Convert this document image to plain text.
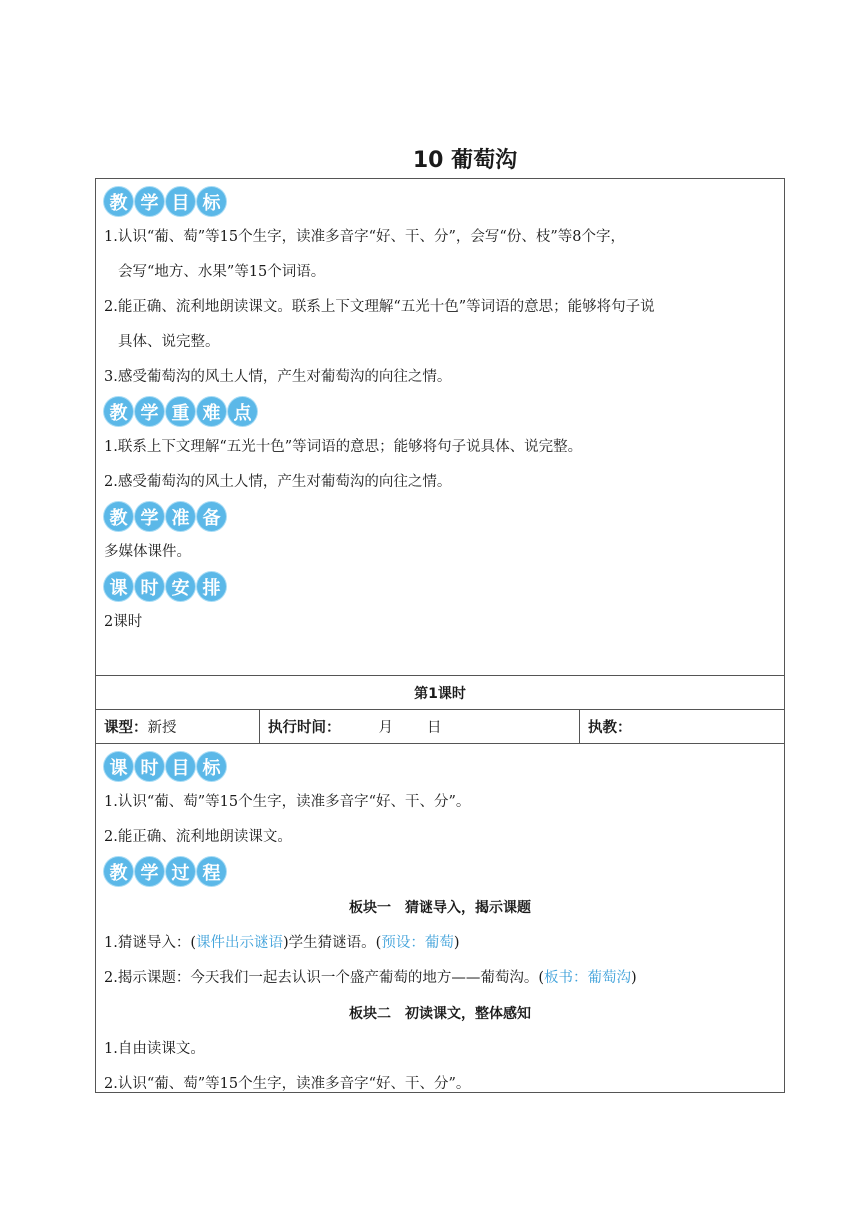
10 葡萄沟
教 学 目 标
1.认识“葡、萄”等15个生字，读准多音字“好、干、分”，会写“份、枝”等8个字，
会写“地方、水果”等15个词语。
2.能正确、流利地朗读课文。联系上下文理解“五光十色”等词语的意思；能够将句子说
具体、说完整。
3.感受葡萄沟的风土人情，产生对葡萄沟的向往之情。
教 学 重 难 点
1.联系上下文理解“五光十色”等词语的意思；能够将句子说具体、说完整。
2.感受葡萄沟的风土人情，产生对葡萄沟的向往之情。
教 学 准 备
多媒体课件。
课 时 安 排
2课时
第1课时
课型： 新授	执行时间：	月 日	执教：
课 时 目 标
1.认识“葡、萄”等15个生字，读准多音字“好、干、分”。
2.能正确、流利地朗读课文。
教 学 过 程
板块一　猜谜导入，揭示课题
1.猜谜导入：(课件出示谜语)学生猜谜语。(预设：葡萄)
2.揭示课题：今天我们一起去认识一个盛产葡萄的地方——葡萄沟。(板书：葡萄沟)
板块二　初读课文，整体感知
1.自由读课文。
2.认识“葡、萄”等15个生字，读准多音字“好、干、分”。
